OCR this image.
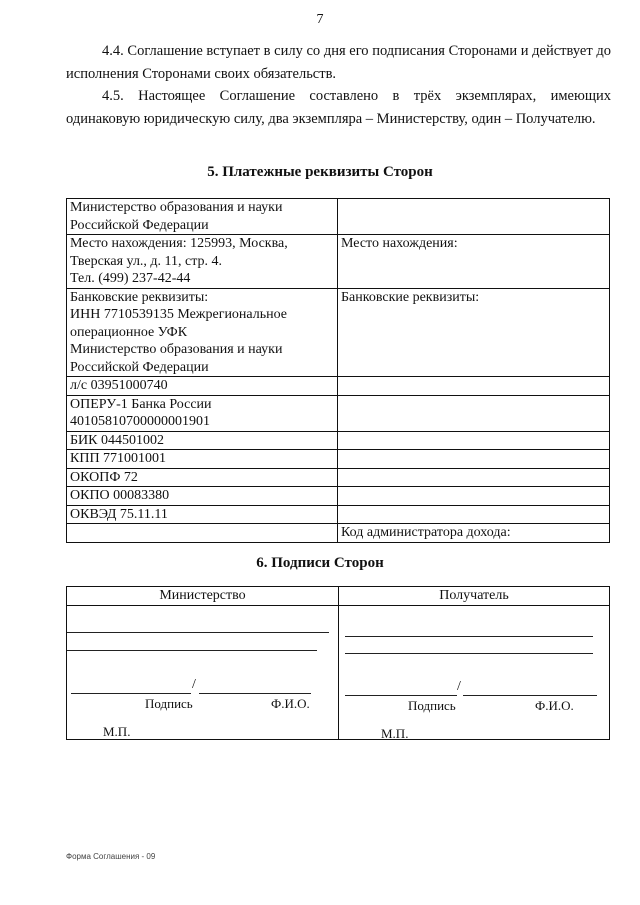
7

4.4. Соглашение вступает в силу со дня его подписания Сторонами и действует до исполнения Сторонами своих обязательств.

4.5. Настоящее Соглашение составлено в трёх экземплярах, имеющих одинаковую юридическую силу, два экземпляра – Министерству, один – Получателю.

5. Платежные реквизиты Сторон
Министерство образования и науки
Российской Федерации	

Место нахождения: 125993, Москва,
Тверская ул., д. 11, стр. 4.
Тел. (499) 237-42-44	Место нахождения:

Банковские реквизиты:
ИНН 7710539135 Межрегиональное
операционное УФК
Министерство образования и науки
Российской Федерации	Банковские реквизиты:
л/с 03951000740	

ОПЕРУ-1 Банка России
40105810700000001901	

БИК 044501002	
КПП 771001001	
ОКОПФ 72	
ОКПО 00083380	
ОКВЭД 75.11.11	
	Код администратора дохода:
6. Подписи Сторон
Министерство	Получатель
/
Подпись	Ф.И.О.
М.П.
/
Подпись	Ф.И.О.
М.П.
Форма Соглашения - 09
